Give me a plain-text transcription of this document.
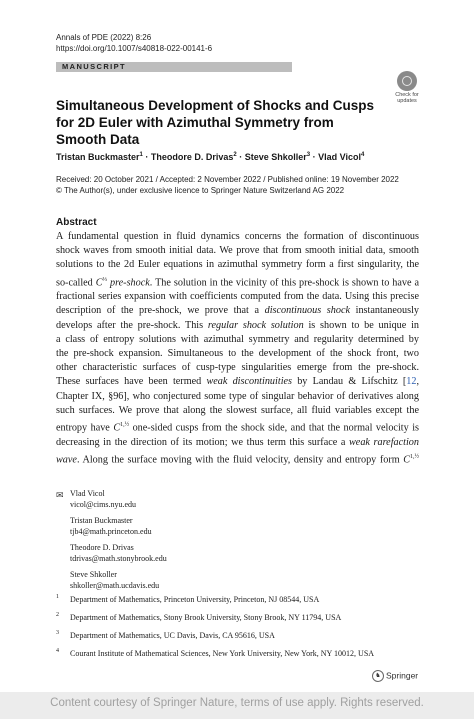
Annals of PDE (2022) 8:26
https://doi.org/10.1007/s40818-022-00141-6
MANUSCRIPT
Check for updates
Simultaneous Development of Shocks and Cusps for 2D Euler with Azimuthal Symmetry from Smooth Data
Tristan Buckmaster$^1$ · Theodore D. Drivas$^2$ · Steve Shkoller$^3$ · Vlad Vicol$^4$
Received: 20 October 2021 / Accepted: 2 November 2022 / Published online: 19 November 2022
© The Author(s), under exclusive licence to Springer Nature Switzerland AG 2022
Abstract
A fundamental question in fluid dynamics concerns the formation of discontinuous
shock waves from smooth initial data. We prove that from smooth initial data, smooth
solutions to the 2d Euler equations in azimuthal symmetry form a first singularity, the
so-called $C^{\frac{1}{3}}$ pre-shock. The solution in the vicinity of this pre-shock is shown to have a
fractional series expansion with coefficients computed from the data. Using this precise
description of the pre-shock, we prove that a discontinuous shock instantaneously
develops after the pre-shock. This regular shock solution is shown to be unique in
a class of entropy solutions with azimuthal symmetry and regularity determined by
the pre-shock expansion. Simultaneous to the development of the shock front, two
other characteristic surfaces of cusp-type singularities emerge from the pre-shock.
These surfaces have been termed weak discontinuities by Landau & Lifschitz [12,
Chapter IX, §96], who conjectured some type of singular behavior of derivatives along
such surfaces. We prove that along the slowest surface, all fluid variables except the
entropy have $C^{1,\frac{1}{2}}$ one-sided cusps from the shock side, and that the normal velocity is
decreasing in the direction of its motion; we thus term this surface a weak rarefaction
wave. Along the surface moving with the fluid velocity, density and entropy form $C^{1,\frac{1}{2}}$
✉ Vlad Vicol
vicol@cims.nyu.edu
Tristan Buckmaster
tjb4@math.princeton.edu
Theodore D. Drivas
tdrivas@math.stonybrook.edu
Steve Shkoller
shkoller@math.ucdavis.edu
1 Department of Mathematics, Princeton University, Princeton, NJ 08544, USA
2 Department of Mathematics, Stony Brook University, Stony Brook, NY 11794, USA
3 Department of Mathematics, UC Davis, Davis, CA 95616, USA
4 Courant Institute of Mathematical Sciences, New York University, New York, NY 10012, USA
♞ Springer
Content courtesy of Springer Nature, terms of use apply. Rights reserved.
